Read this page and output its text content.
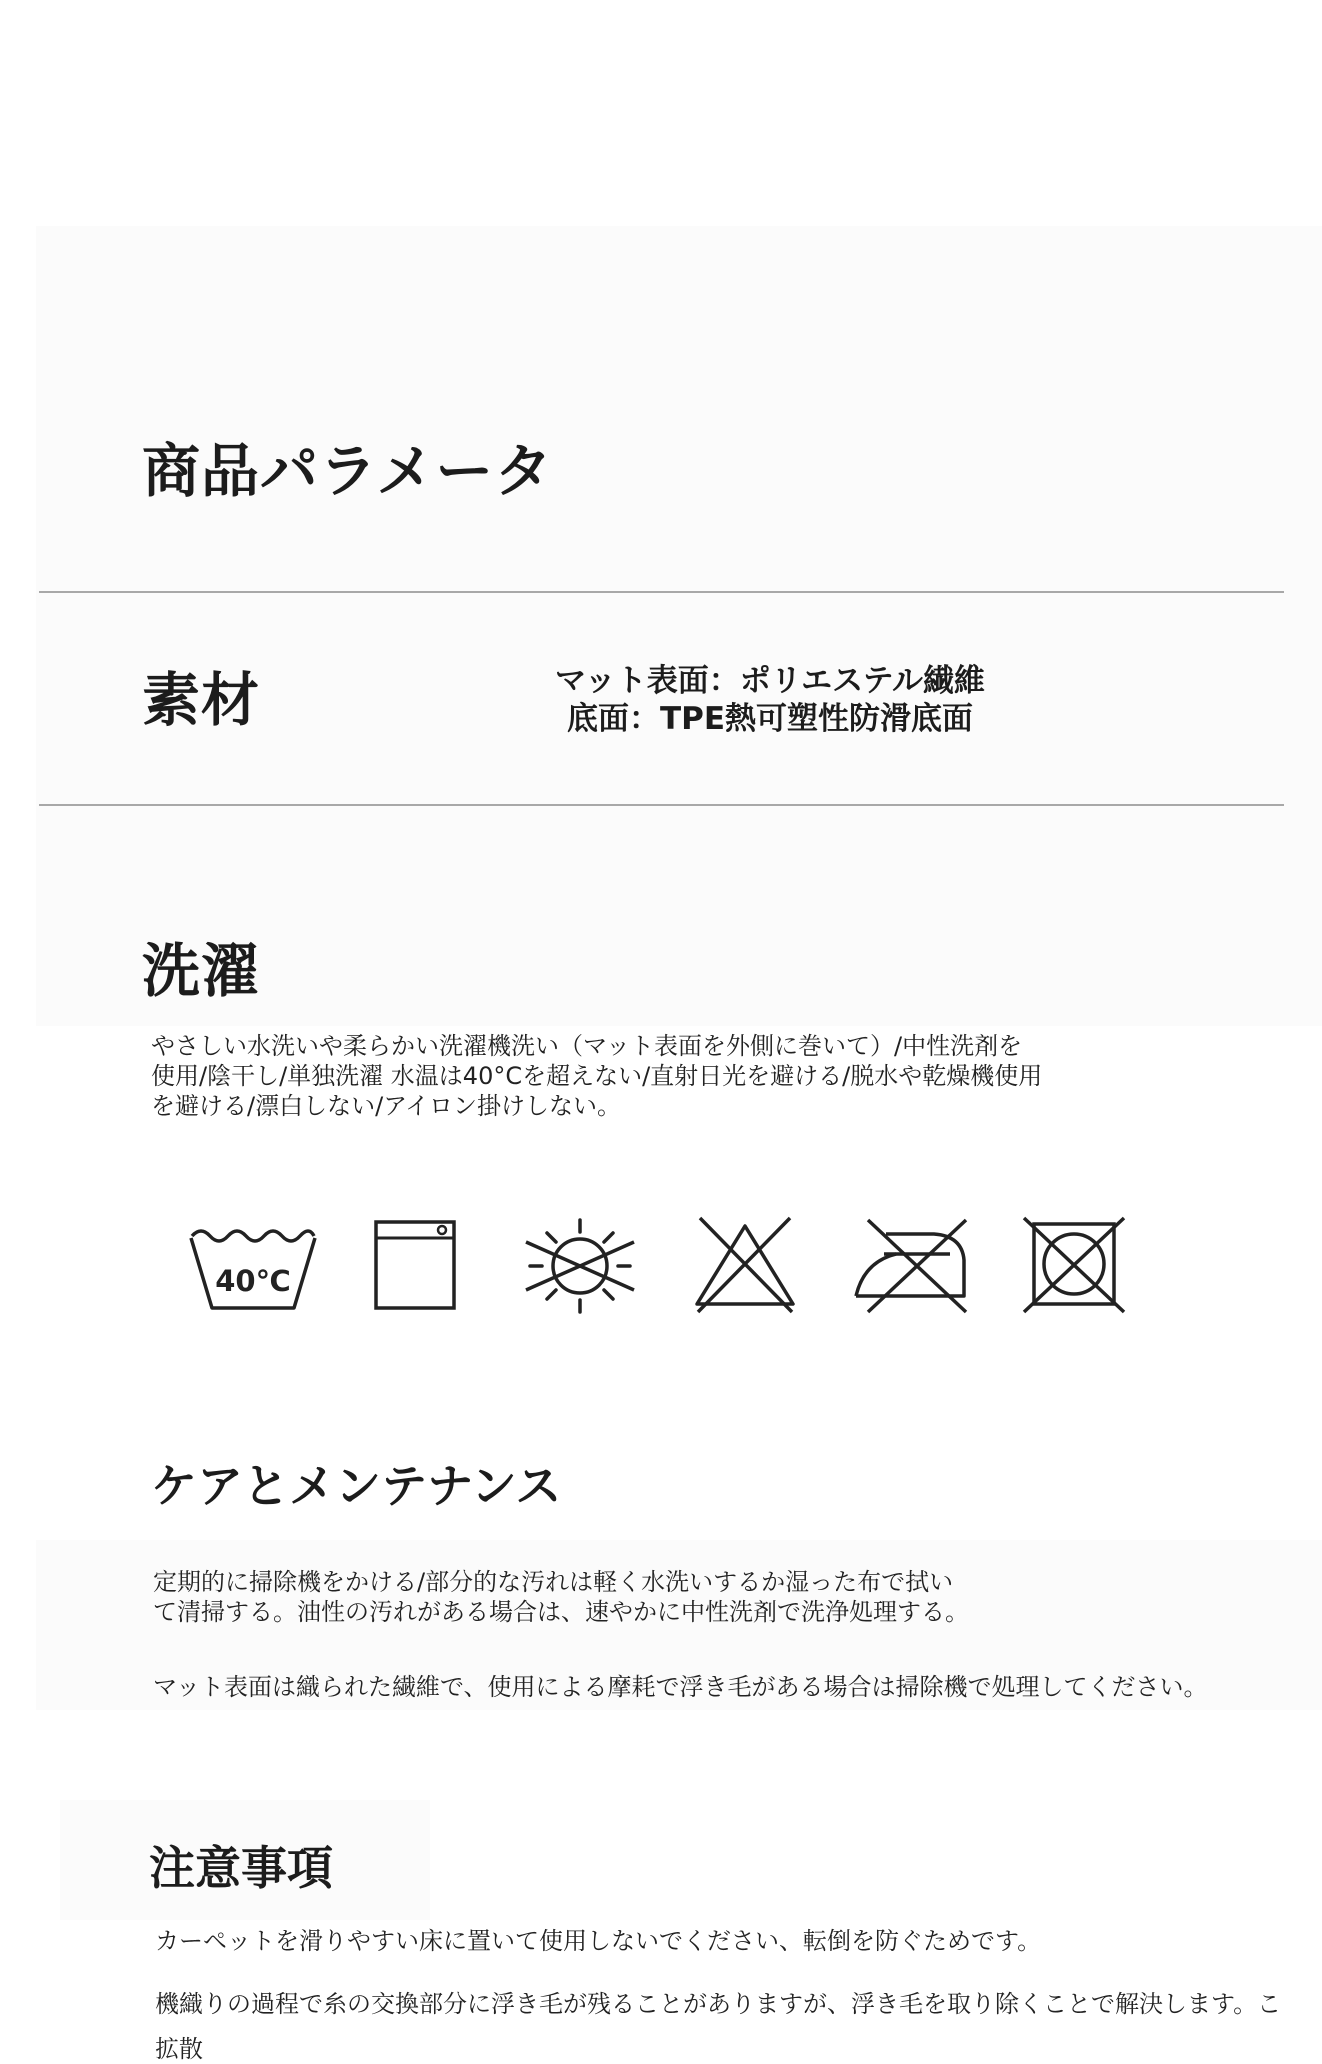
商品パラメータ
素材	マット表面：ポリエステル繊維
底面：TPE熱可塑性防滑底面
洗濯
やさしい水洗いや柔らかい洗濯機洗い（マット表面を外側に巻いて）/中性洗剤を
使用/陰干し/単独洗濯 水温は40°Cを超えない/直射日光を避ける/脱水や乾燥機使用
を避ける/漂白しない/アイロン掛けしない。
40℃
ケアとメンテナンス
定期的に掃除機をかける/部分的な汚れは軽く水洗いするか湿った布で拭い
て清掃する。油性の汚れがある場合は、速やかに中性洗剤で洗浄処理する。
マット表面は織られた繊維で、使用による摩耗で浮き毛がある場合は掃除機で処理してください。
注意事項
カーペットを滑りやすい床に置いて使用しないでください、転倒を防ぐためです。
機織りの過程で糸の交換部分に浮き毛が残ることがありますが、浮き毛を取り除くことで解決します。こ
拡散
